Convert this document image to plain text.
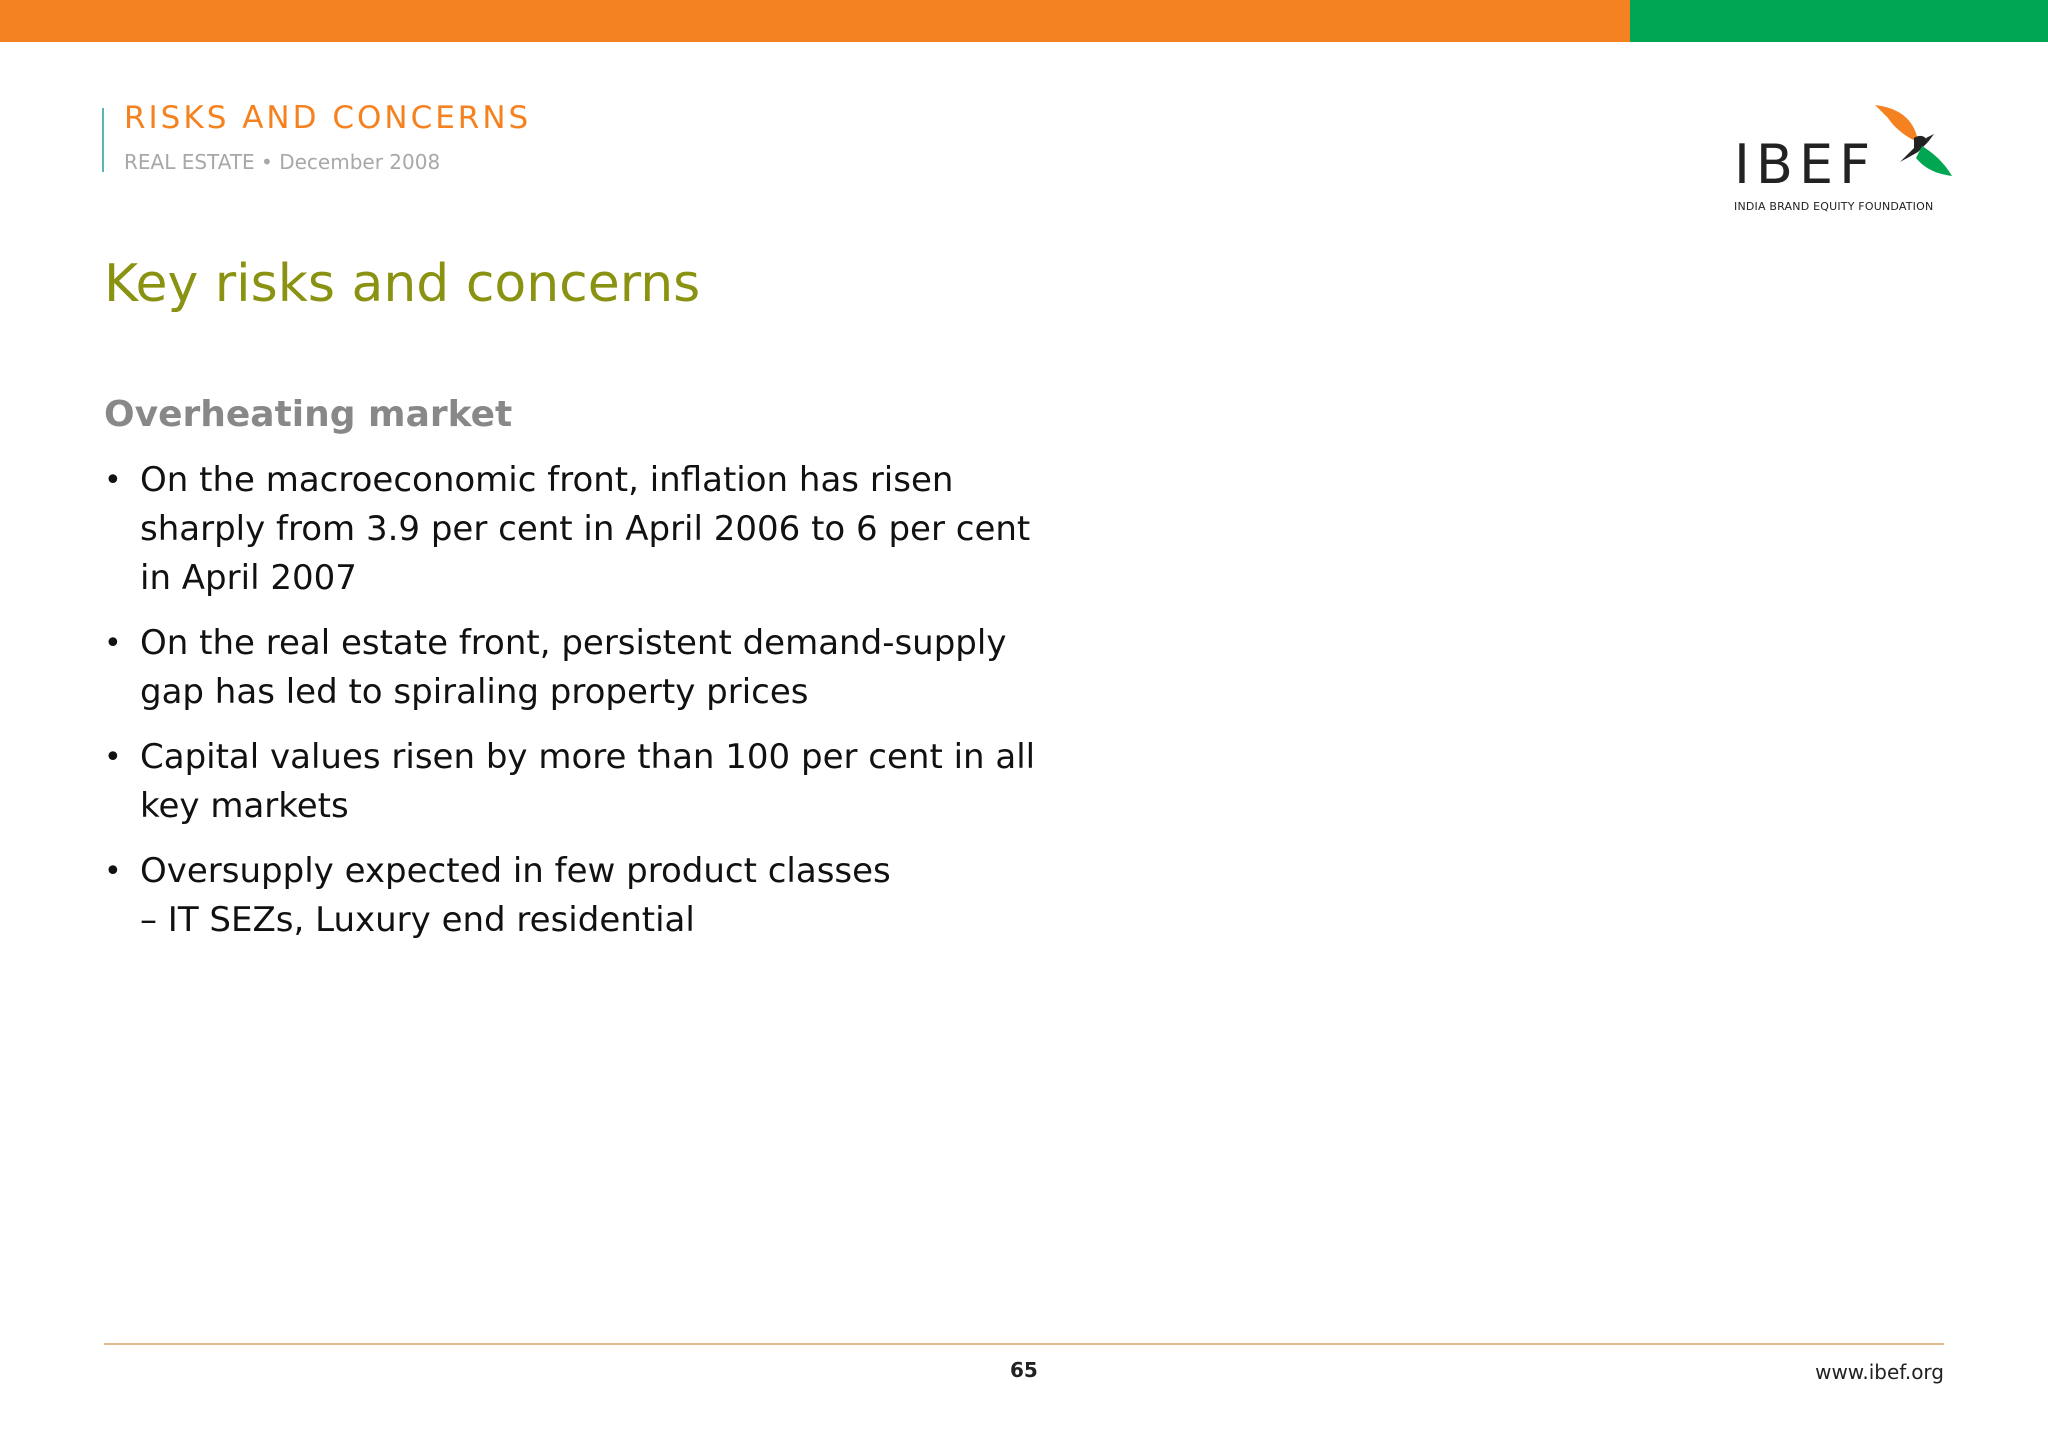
RISKS AND CONCERNS
REAL ESTATE • December 2008	IBEF
INDIA BRAND EQUITY FOUNDATION
Key risks and concerns
Overheating market
• On the macroeconomic front, inflation has risen
sharply from 3.9 per cent in April 2006 to 6 per cent
in April 2007
• On the real estate front, persistent demand-supply
gap has led to spiraling property prices
• Capital values risen by more than 100 per cent in all
key markets
• Oversupply expected in few product classes
– IT SEZs, Luxury end residential
65	www.ibef.org
